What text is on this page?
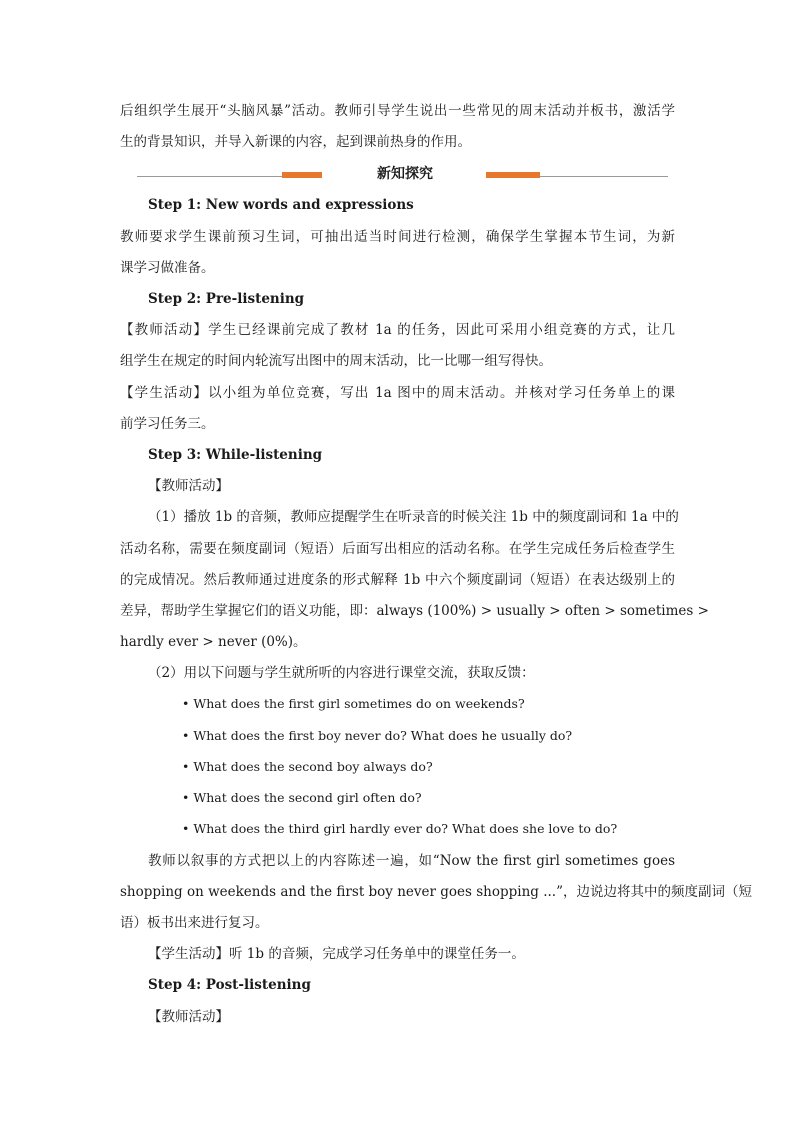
后组织学生展开“头脑风暴”活动。教师引导学生说出一些常见的周末活动并板书，激活学
生的背景知识，并导入新课的内容，起到课前热身的作用。
新知探究
Step 1: New words and expressions
教师要求学生课前预习生词，可抽出适当时间进行检测，确保学生掌握本节生词，为新
课学习做准备。
Step 2: Pre-listening
【教师活动】学生已经课前完成了教材 1a 的任务，因此可采用小组竞赛的方式，让几
组学生在规定的时间内轮流写出图中的周末活动，比一比哪一组写得快。
【学生活动】以小组为单位竞赛，写出 1a 图中的周末活动。并核对学习任务单上的课
前学习任务三。
Step 3: While-listening
【教师活动】
（1）播放 1b 的音频，教师应提醒学生在听录音的时候关注 1b 中的频度副词和 1a 中的
活动名称，需要在频度副词（短语）后面写出相应的活动名称。在学生完成任务后检查学生
的完成情况。然后教师通过进度条的形式解释 1b 中六个频度副词（短语）在表达级别上的
差异，帮助学生掌握它们的语义功能，即：always (100%) > usually > often > sometimes >
hardly ever > never (0%)。
（2）用以下问题与学生就所听的内容进行课堂交流，获取反馈：
• What does the first girl sometimes do on weekends?
• What does the first boy never do? What does he usually do?
• What does the second boy always do?
• What does the second girl often do?
• What does the third girl hardly ever do? What does she love to do?
教师以叙事的方式把以上的内容陈述一遍，如“Now the first girl sometimes goes
shopping on weekends and the first boy never goes shopping ...”，边说边将其中的频度副词（短
语）板书出来进行复习。
【学生活动】听 1b 的音频，完成学习任务单中的课堂任务一。
Step 4: Post-listening
【教师活动】
